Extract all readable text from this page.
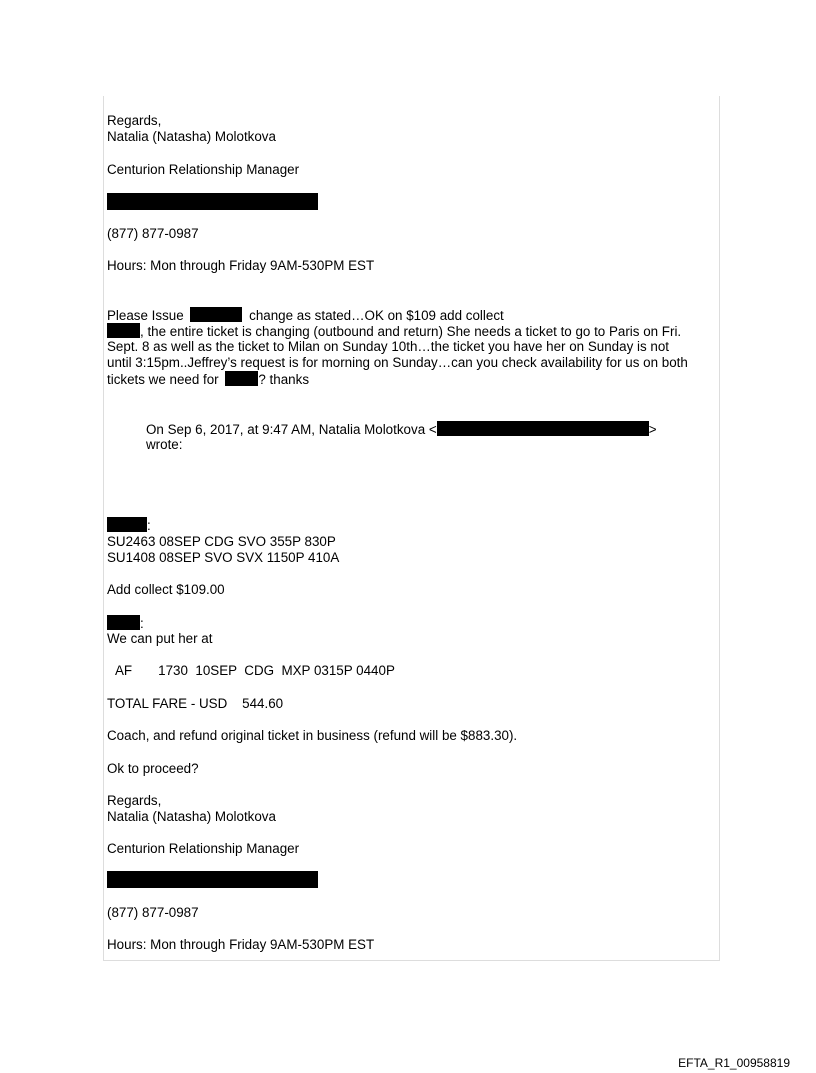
Regards,
Natalia (Natasha) Molotkova
Centurion Relationship Manager
(877) 877-0987
Hours: Mon through Friday 9AM-530PM EST
Please Issue	change as stated…OK on $109 add collect
, the entire ticket is changing (outbound and return) She needs a ticket to go to Paris on Fri.
Sept. 8 as well as the ticket to Milan on Sunday 10th…the ticket you have her on Sunday is not
until 3:15pm..Jeffrey’s request is for morning on Sunday…can you check availability for us on both
tickets we need for	? thanks
On Sep 6, 2017, at 9:47 AM, Natalia Molotkova <	>
wrote:
:
SU2463 08SEP CDG SVO 355P 830P
SU1408 08SEP SVO SVX 1150P 410A
Add collect $109.00
:
We can put her at
AF       1730  10SEP  CDG  MXP 0315P 0440P
TOTAL FARE - USD    544.60
Coach, and refund original ticket in business (refund will be $883.30).
Ok to proceed?
Regards,
Natalia (Natasha) Molotkova
Centurion Relationship Manager
(877) 877-0987
Hours: Mon through Friday 9AM-530PM EST
EFTA_R1_00958819
